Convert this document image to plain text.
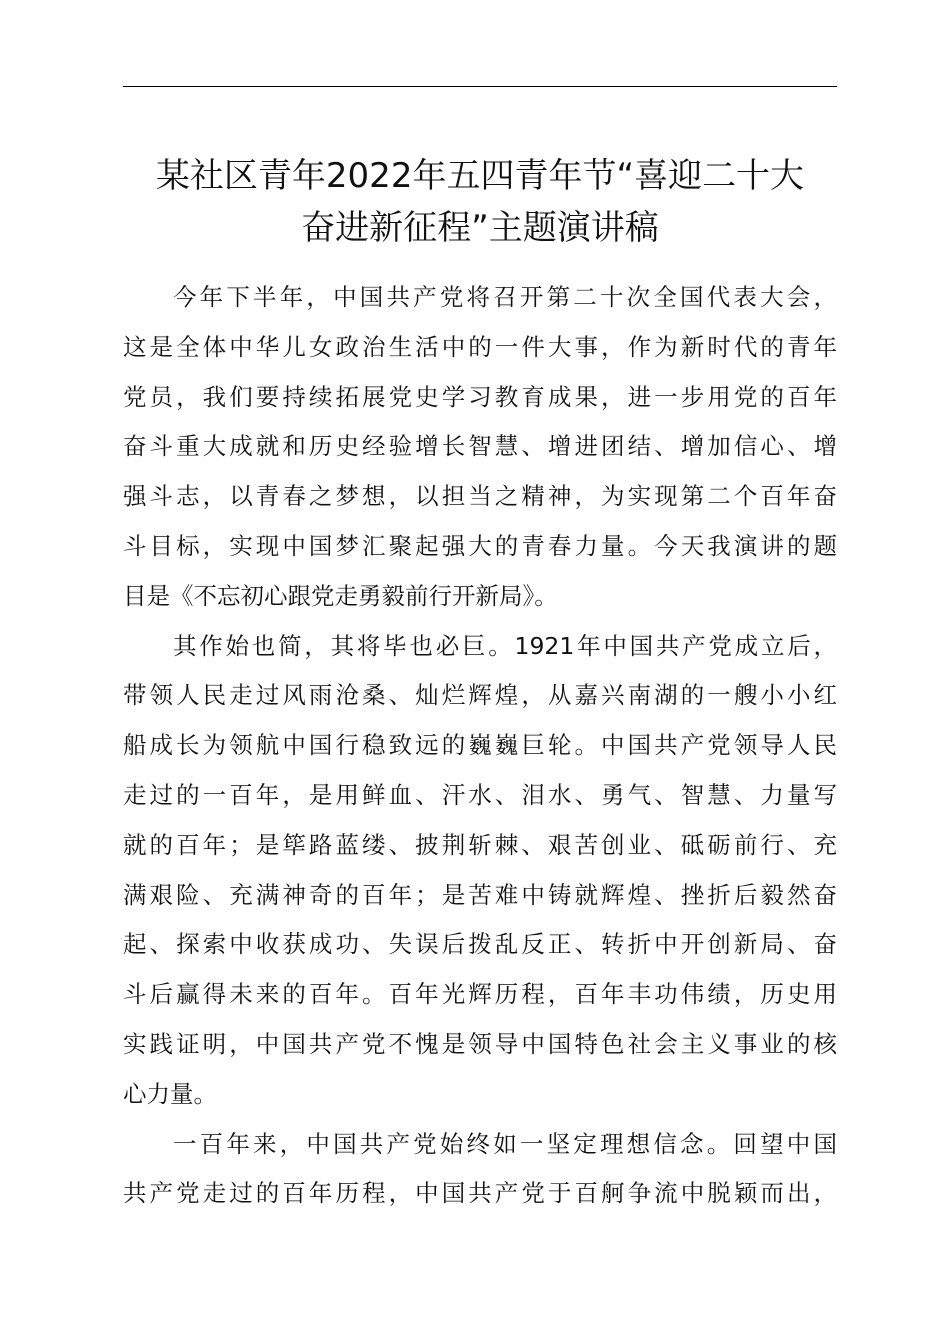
某社区青年2022年五四青年节“喜迎二十大
奋进新征程”主题演讲稿
今年下半年，中国共产党将召开第二十次全国代表大会，
这是全体中华儿女政治生活中的一件大事，作为新时代的青年
党员，我们要持续拓展党史学习教育成果，进一步用党的百年
奋斗重大成就和历史经验增长智慧、增进团结、增加信心、增
强斗志，以青春之梦想，以担当之精神，为实现第二个百年奋
斗目标，实现中国梦汇聚起强大的青春力量。今天我演讲的题
目是《不忘初心跟党走勇毅前行开新局》。
其作始也简，其将毕也必巨。1921年中国共产党成立后，
带领人民走过风雨沧桑、灿烂辉煌，从嘉兴南湖的一艘小小红
船成长为领航中国行稳致远的巍巍巨轮。中国共产党领导人民
走过的一百年，是用鲜血、汗水、泪水、勇气、智慧、力量写
就的百年；是筚路蓝缕、披荆斩棘、艰苦创业、砥砺前行、充
满艰险、充满神奇的百年；是苦难中铸就辉煌、挫折后毅然奋
起、探索中收获成功、失误后拨乱反正、转折中开创新局、奋
斗后赢得未来的百年。百年光辉历程，百年丰功伟绩，历史用
实践证明，中国共产党不愧是领导中国特色社会主义事业的核
心力量。
一百年来，中国共产党始终如一坚定理想信念。回望中国
共产党走过的百年历程，中国共产党于百舸争流中脱颖而出，
